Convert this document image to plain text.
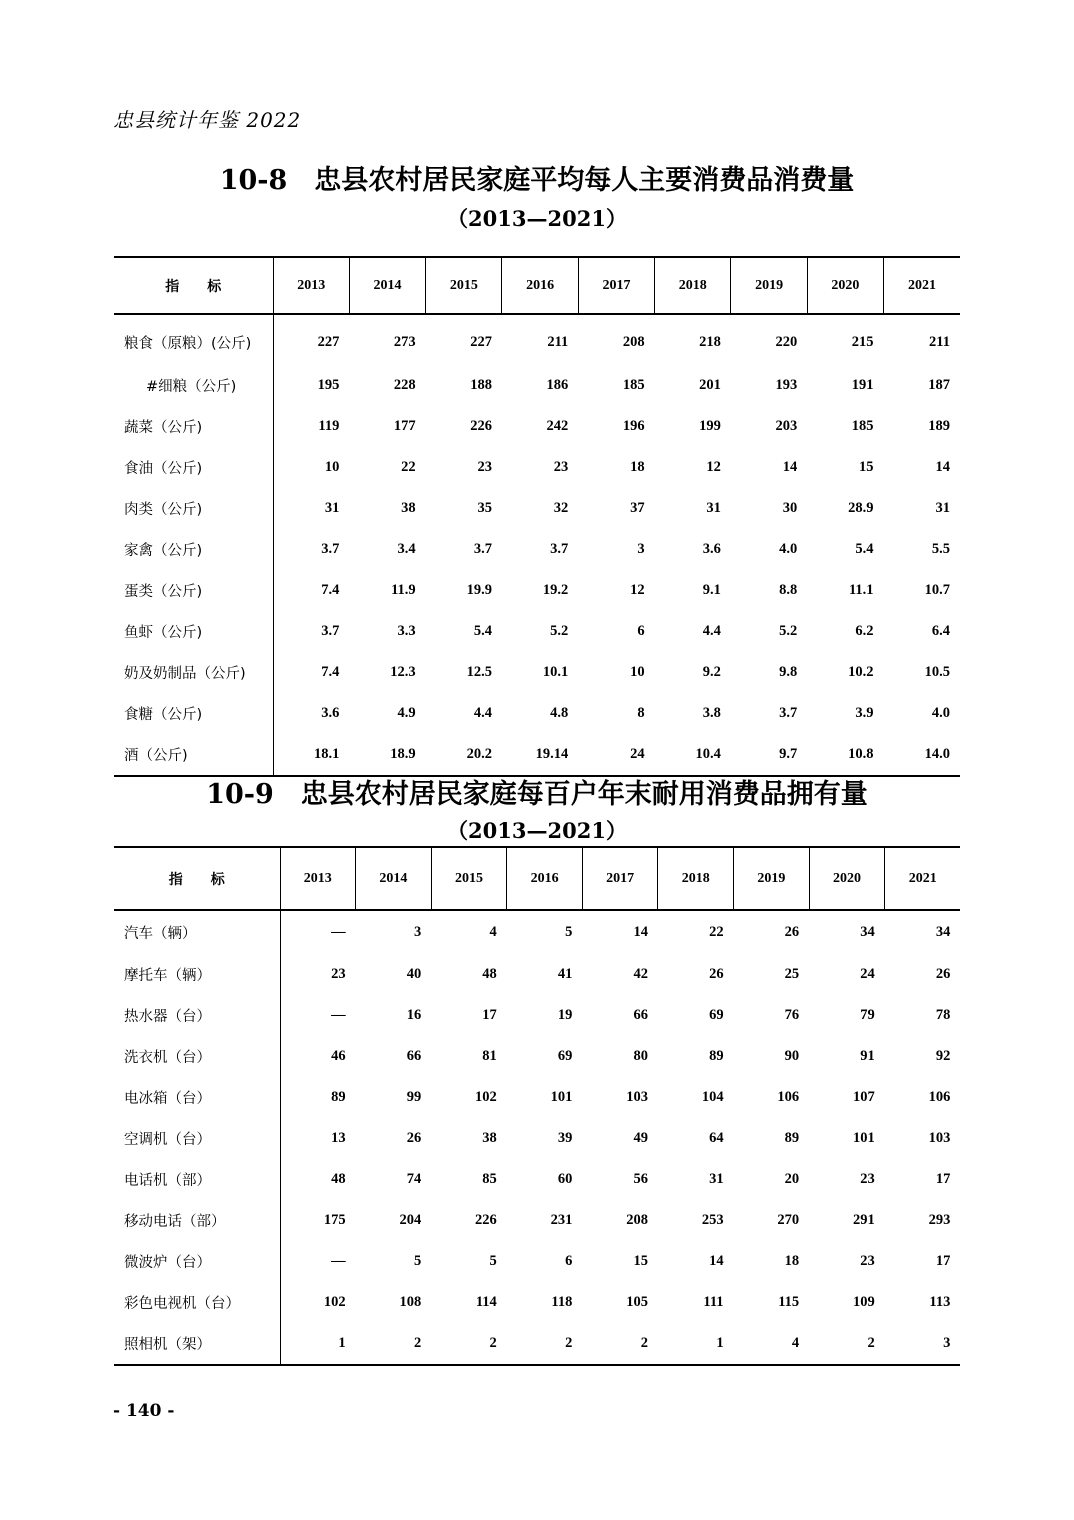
忠县统计年鉴 2022
10-8　忠县农村居民家庭平均每人主要消费品消费量
（2013—2021）
指　　标	2013	2014	2015	2016	2017	2018	2019	2020	2021
粮食（原粮）(公斤)	227	273	227	211	208	218	220	215	211
#细粮（公斤)	195	228	188	186	185	201	193	191	187
蔬菜（公斤)	119	177	226	242	196	199	203	185	189
食油（公斤)	10	22	23	23	18	12	14	15	14
肉类（公斤)	31	38	35	32	37	31	30	28.9	31
家禽（公斤)	3.7	3.4	3.7	3.7	3	3.6	4.0	5.4	5.5
蛋类（公斤)	7.4	11.9	19.9	19.2	12	9.1	8.8	11.1	10.7
鱼虾（公斤)	3.7	3.3	5.4	5.2	6	4.4	5.2	6.2	6.4
奶及奶制品（公斤)	7.4	12.3	12.5	10.1	10	9.2	9.8	10.2	10.5
食糖（公斤)	3.6	4.9	4.4	4.8	8	3.8	3.7	3.9	4.0
酒（公斤)	18.1	18.9	20.2	19.14	24	10.4	9.7	10.8	14.0
10-9　忠县农村居民家庭每百户年末耐用消费品拥有量
（2013—2021）
指　　标	2013	2014	2015	2016	2017	2018	2019	2020	2021
汽车（辆）	—	3	4	5	14	22	26	34	34
摩托车（辆）	23	40	48	41	42	26	25	24	26
热水器（台）	—	16	17	19	66	69	76	79	78
洗衣机（台）	46	66	81	69	80	89	90	91	92
电冰箱（台）	89	99	102	101	103	104	106	107	106
空调机（台）	13	26	38	39	49	64	89	101	103
电话机（部）	48	74	85	60	56	31	20	23	17
移动电话（部）	175	204	226	231	208	253	270	291	293
微波炉（台）	—	5	5	6	15	14	18	23	17
彩色电视机（台）	102	108	114	118	105	111	115	109	113
照相机（架）	1	2	2	2	2	1	4	2	3
- 140 -
